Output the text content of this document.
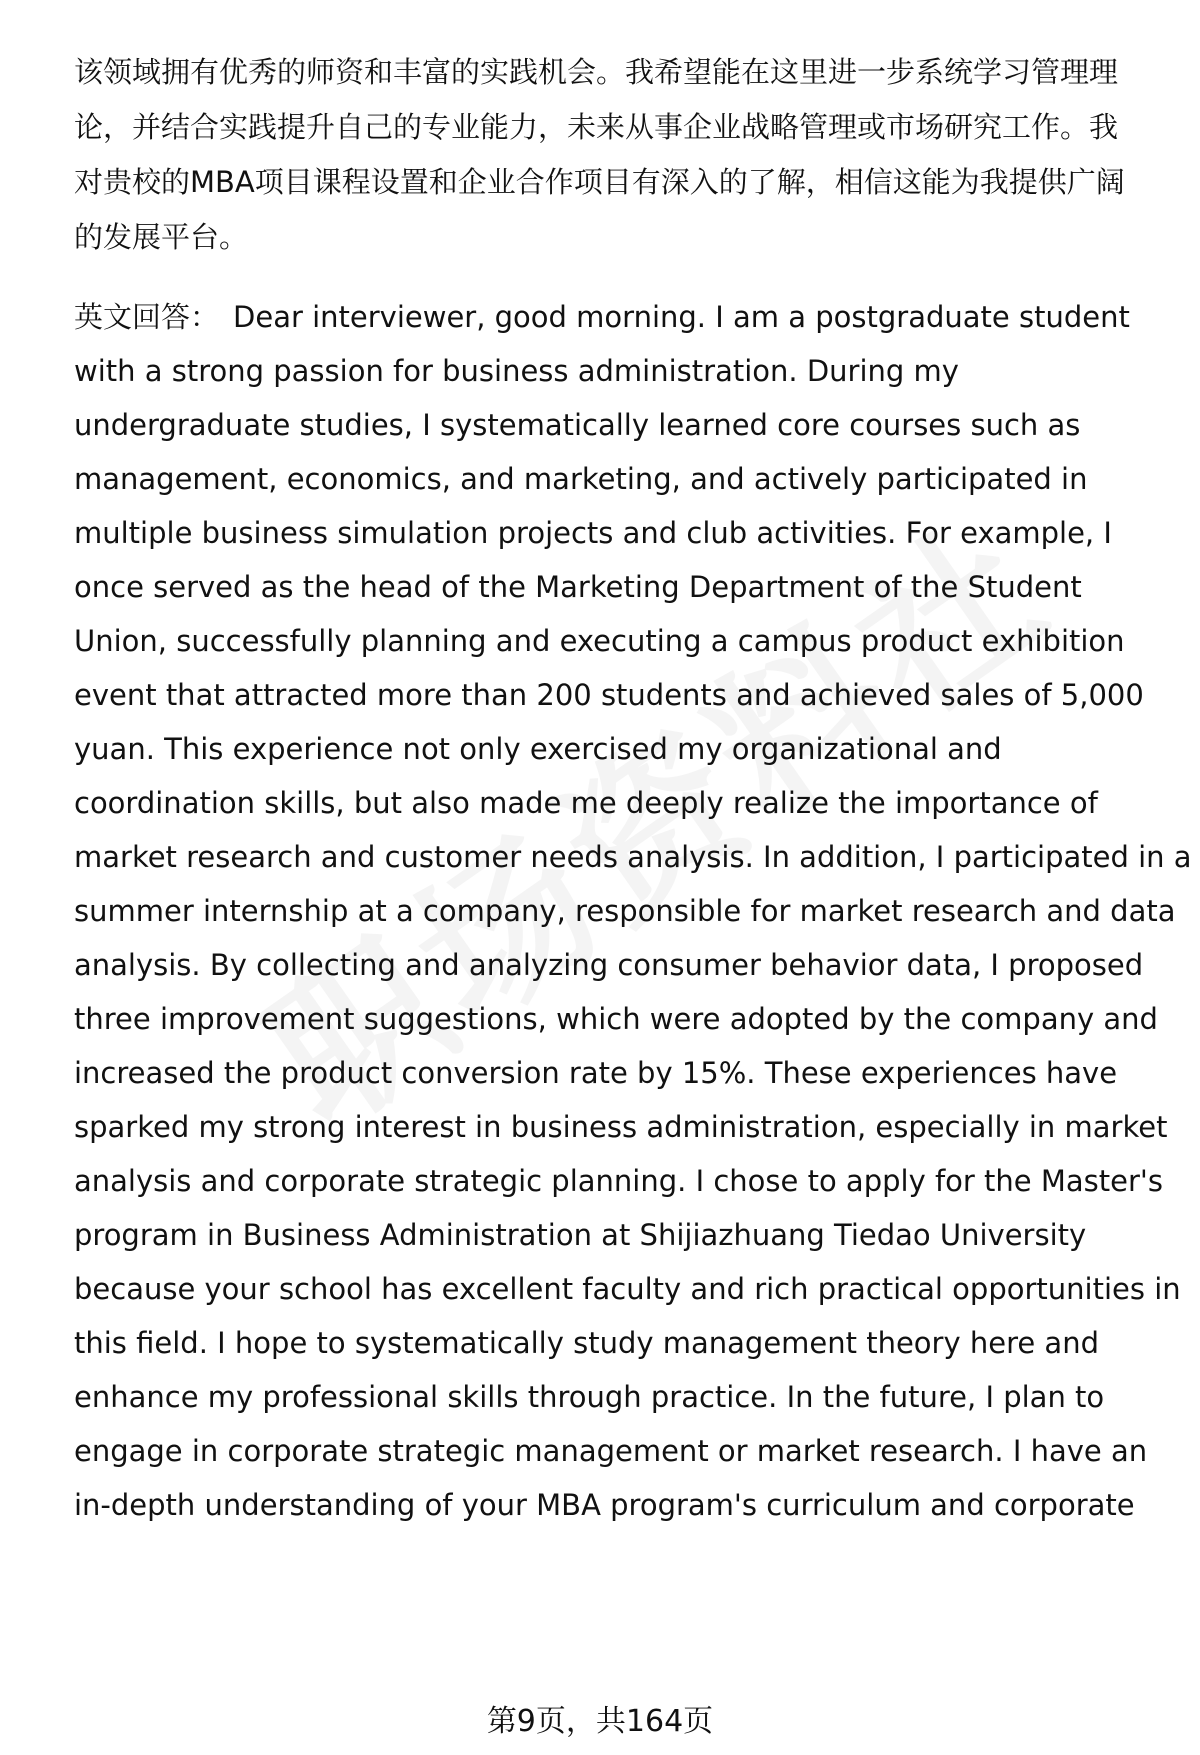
该领域拥有优秀的师资和丰富的实践机会。我希望能在这里进一步系统学习管理理
论，并结合实践提升自己的专业能力，未来从事企业战略管理或市场研究工作。我
对贵校的MBA项目课程设置和企业合作项目有深入的了解，相信这能为我提供广阔
的发展平台。
英文回答： Dear interviewer, good morning. I am a postgraduate student
with a strong passion for business administration. During my
undergraduate studies, I systematically learned core courses such as
management, economics, and marketing, and actively participated in
multiple business simulation projects and club activities. For example, I
once served as the head of the Marketing Department of the Student
Union, successfully planning and executing a campus product exhibition
event that attracted more than 200 students and achieved sales of 5,000
yuan. This experience not only exercised my organizational and
coordination skills, but also made me deeply realize the importance of
market research and customer needs analysis. In addition, I participated in a
summer internship at a company, responsible for market research and data
analysis. By collecting and analyzing consumer behavior data, I proposed
three improvement suggestions, which were adopted by the company and
increased the product conversion rate by 15%. These experiences have
sparked my strong interest in business administration, especially in market
analysis and corporate strategic planning. I chose to apply for the Master's
program in Business Administration at Shijiazhuang Tiedao University
because your school has excellent faculty and rich practical opportunities in
this field. I hope to systematically study management theory here and
enhance my professional skills through practice. In the future, I plan to
engage in corporate strategic management or market research. I have an
in-depth understanding of your MBA program's curriculum and corporate
第9页，共164页
